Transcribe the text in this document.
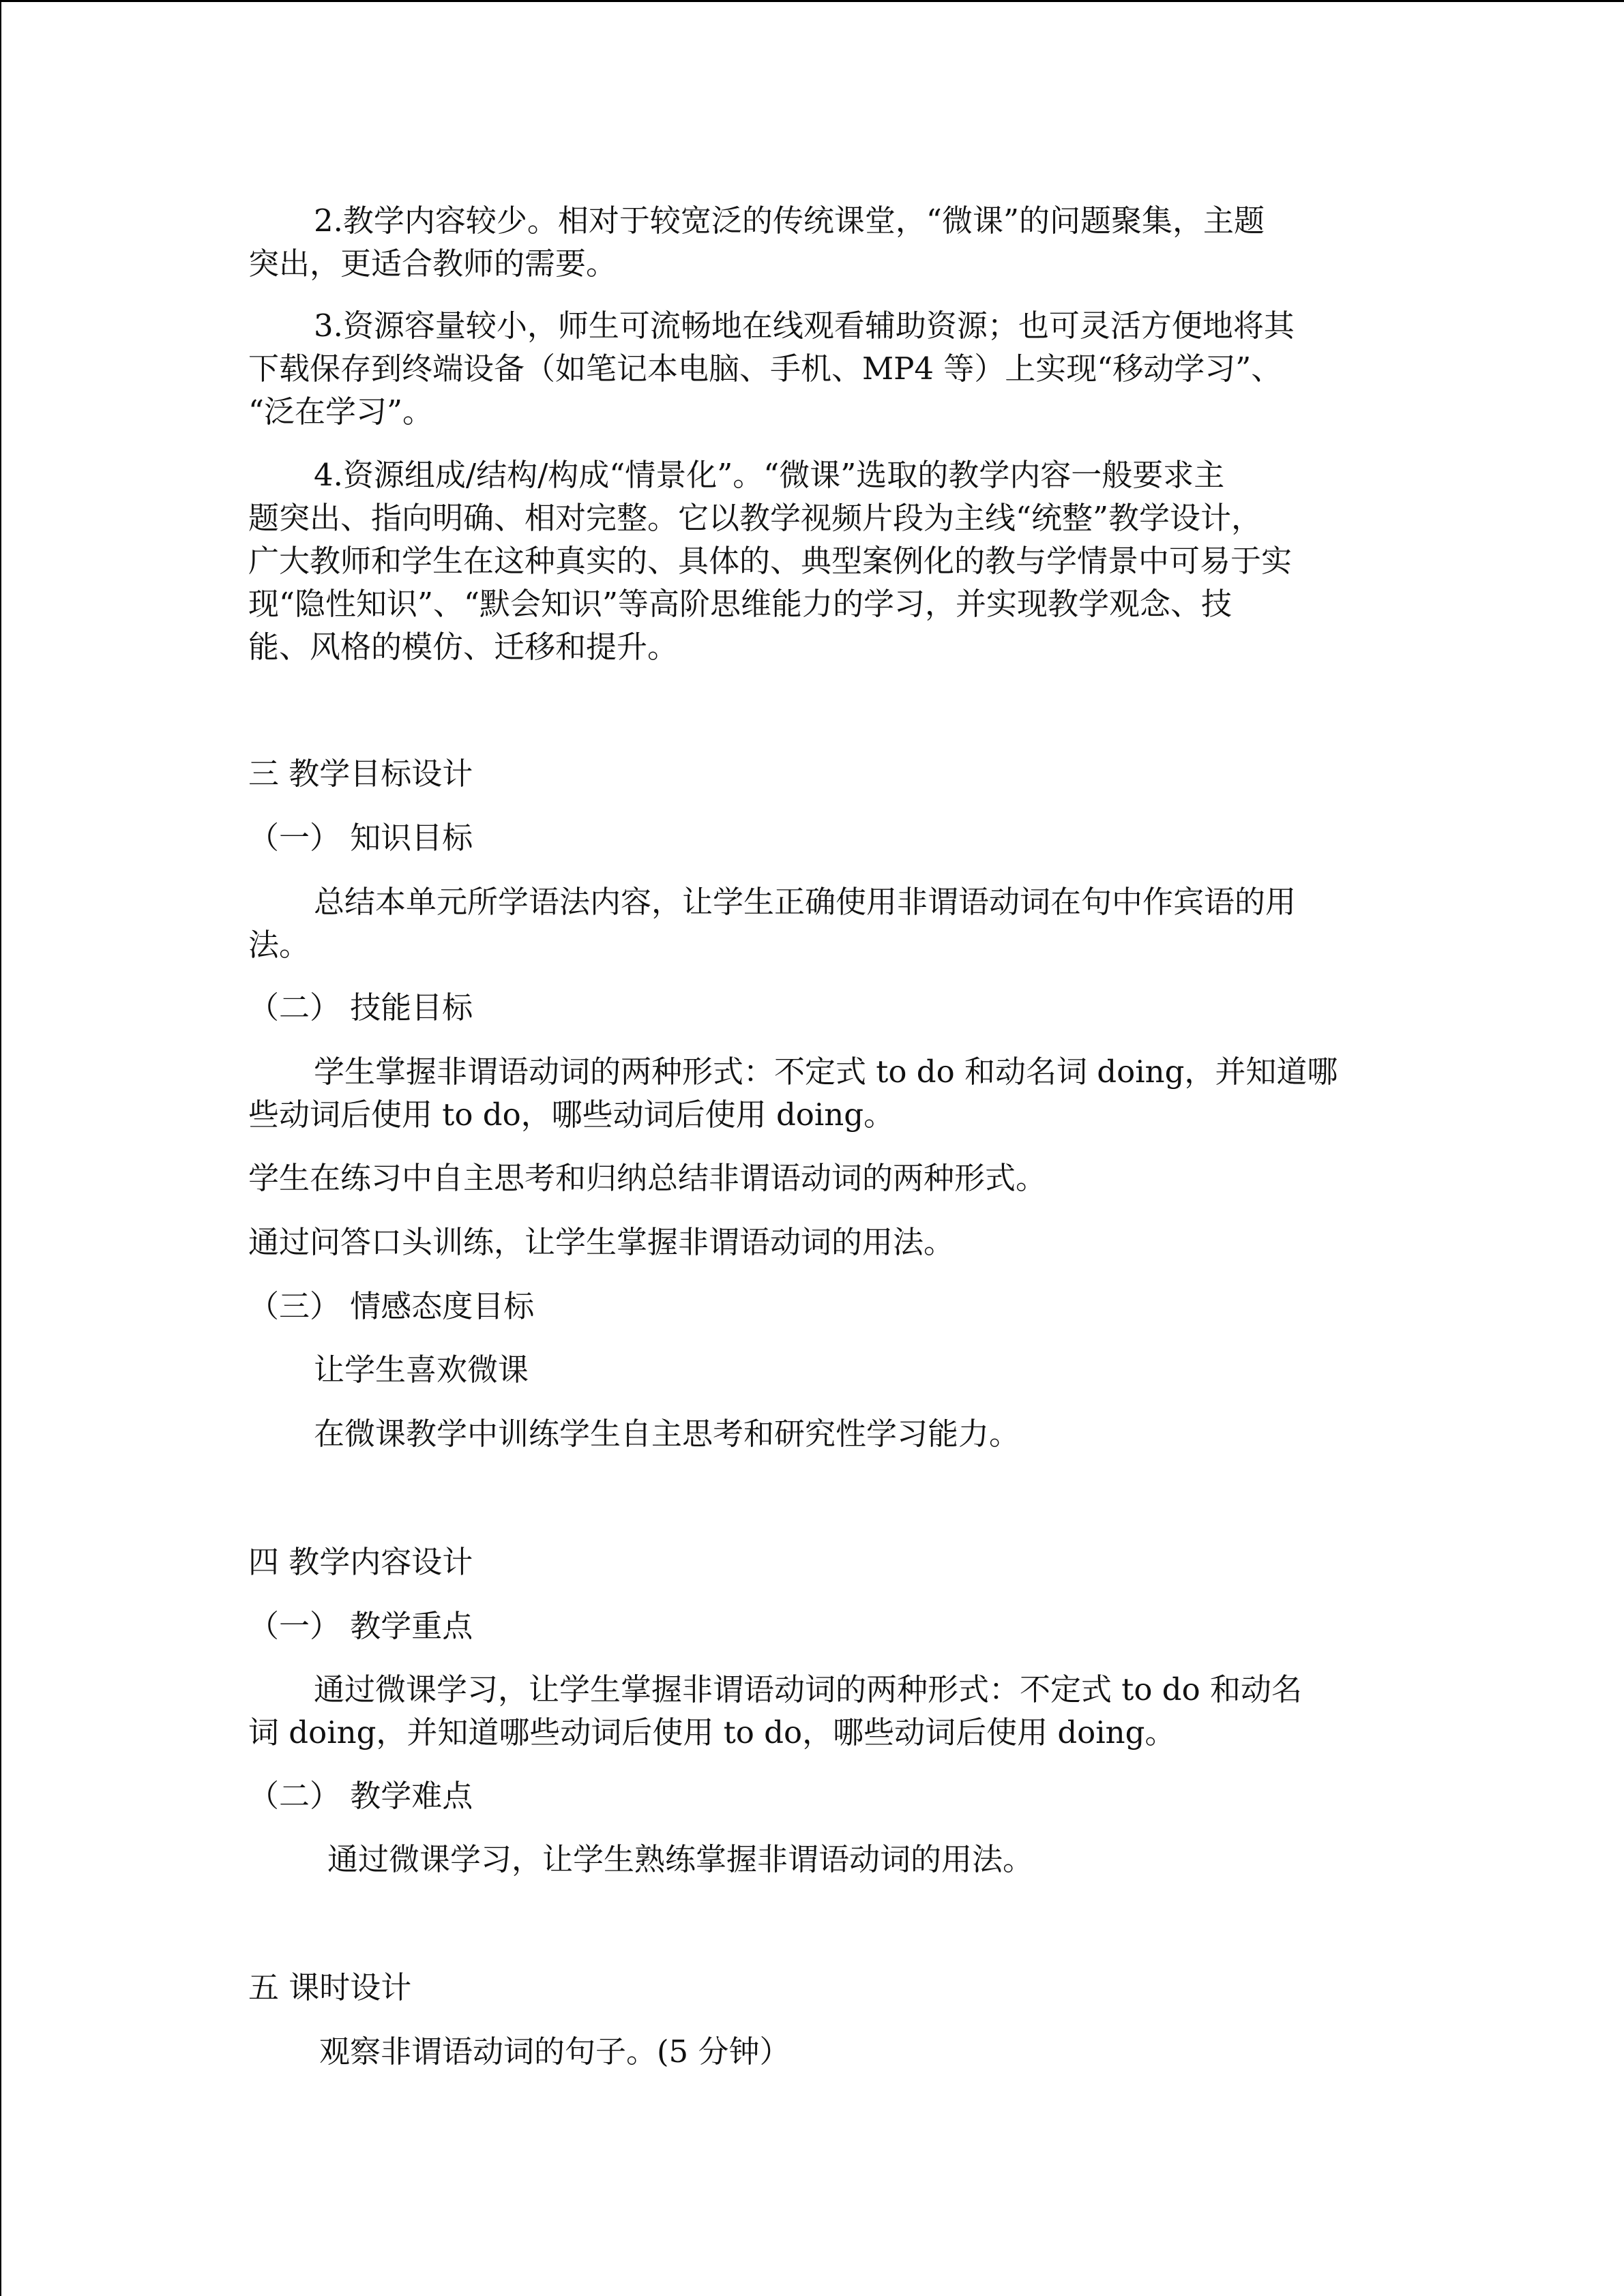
2.教学内容较少。相对于较宽泛的传统课堂，“微课”的问题聚集，主题

突出，更适合教师的需要。

3.资源容量较小，师生可流畅地在线观看辅助资源；也可灵活方便地将其

下载保存到终端设备（如笔记本电脑、手机、MP4 等）上实现“移动学习”、

“泛在学习”。

4.资源组成/结构/构成“情景化”。“微课”选取的教学内容一般要求主

题突出、指向明确、相对完整。它以教学视频片段为主线“统整”教学设计，

广大教师和学生在这种真实的、具体的、典型案例化的教与学情景中可易于实

现“隐性知识”、“默会知识”等高阶思维能力的学习，并实现教学观念、技

能、风格的模仿、迁移和提升。

三 教学目标设计

（一） 知识目标

总结本单元所学语法内容，让学生正确使用非谓语动词在句中作宾语的用

法。

（二） 技能目标

学生掌握非谓语动词的两种形式：不定式 to do 和动名词 doing，并知道哪

些动词后使用 to do，哪些动词后使用 doing。

学生在练习中自主思考和归纳总结非谓语动词的两种形式。

通过问答口头训练，让学生掌握非谓语动词的用法。

（三） 情感态度目标

让学生喜欢微课

在微课教学中训练学生自主思考和研究性学习能力。

四 教学内容设计

（一） 教学重点

通过微课学习，让学生掌握非谓语动词的两种形式：不定式 to do 和动名

词 doing，并知道哪些动词后使用 to do，哪些动词后使用 doing。

（二） 教学难点

通过微课学习，让学生熟练掌握非谓语动词的用法。

五 课时设计

观察非谓语动词的句子。(5 分钟）
